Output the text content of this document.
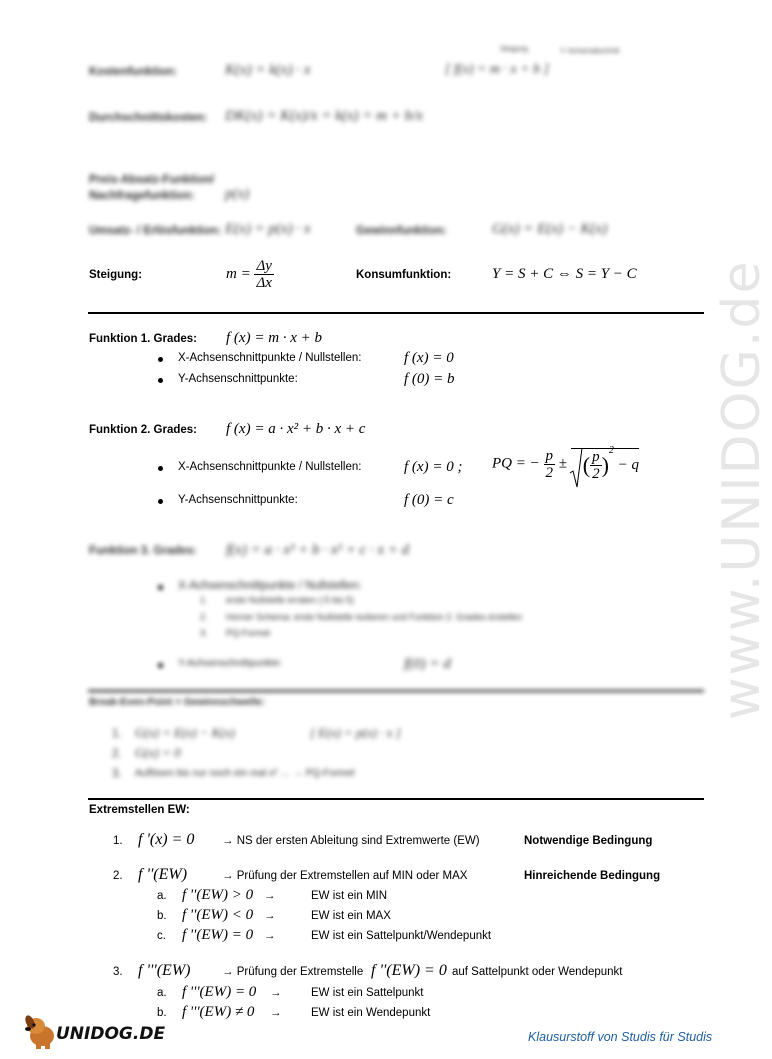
www.UNIDOG.de
Steigung	Y- Achsenabschnitt
Kostenfunktion:	K(x) = k(x) · x	[ f(x) = m · x + b ]
Durchschnittskosten: DK(x) = K(x)/x = k(x) = m + b/x
Preis-Absatz-Funktion/ Nachfragefunktion:	p(x)
Umsatz- / Erlösfunktion: E(x) = p(x) · x	Gewinnfunktion:	G(x) = E(x) − K(x)
Steigung:	$m = \frac{\Delta y}{\Delta x}$	Konsumfunktion:	Y = S + C ⇔ S = Y − C
Funktion 1. Grades: f (x) = m · x + b
X-Achsenschnittpunkte / Nullstellen:	f (x) = 0
Y-Achsenschnittpunkte:	f (0) = b
Funktion 2. Grades: f (x) = a · x² + b · x + c
X-Achsenschnittpunkte / Nullstellen:	f (x) = 0 ; PQ = − $\frac{p}{2}$ ± ( $\frac{p}{2} )^2 - q$
Y-Achsenschnittpunkte:	f (0) = c
Funktion 3. Grades: f(x) = a · x³ + b · x² + c · x + d
X-Achsenschnittpunkte / Nullstellen:
1. erste Nullstelle erraten (-5 bis 5)
2. Horner Schema: erste Nullstelle isolieren und Funktion 2. Grades erstellen
3. PQ-Formel
Y-Achsenschnittpunkte:	f(0) = d
Break-Even-Point = Gewinnschwelle:
1. G(x) = E(x) − K(x)	[ E(x) = p(x) · x ]
2. G(x) = 0
3. Auflösen bis nur noch ein mal x² … → PQ-Formel
Extremstellen EW:
1. f '(x) = 0 → NS der ersten Ableitung sind Extremwerte (EW)	Notwendige Bedingung
2. f ''(EW)	→ Prüfung der Extremstellen auf MIN oder MAX	Hinreichende Bedingung
a. f ''(EW) > 0 →	EW ist ein MIN
b. f ''(EW) < 0 →	EW ist ein MAX
c. f ''(EW) = 0 →	EW ist ein Sattelpunkt/Wendepunkt
3. f '''(EW)	→ Prüfung der Extremstelle f ''(EW) = 0 auf Sattelpunkt oder Wendepunkt
a. f '''(EW) = 0 →	EW ist ein Sattelpunkt
b. f '''(EW) ≠ 0 →	EW ist ein Wendepunkt
UNIDOG.DE	Klausurstoff von Studis für Studis
